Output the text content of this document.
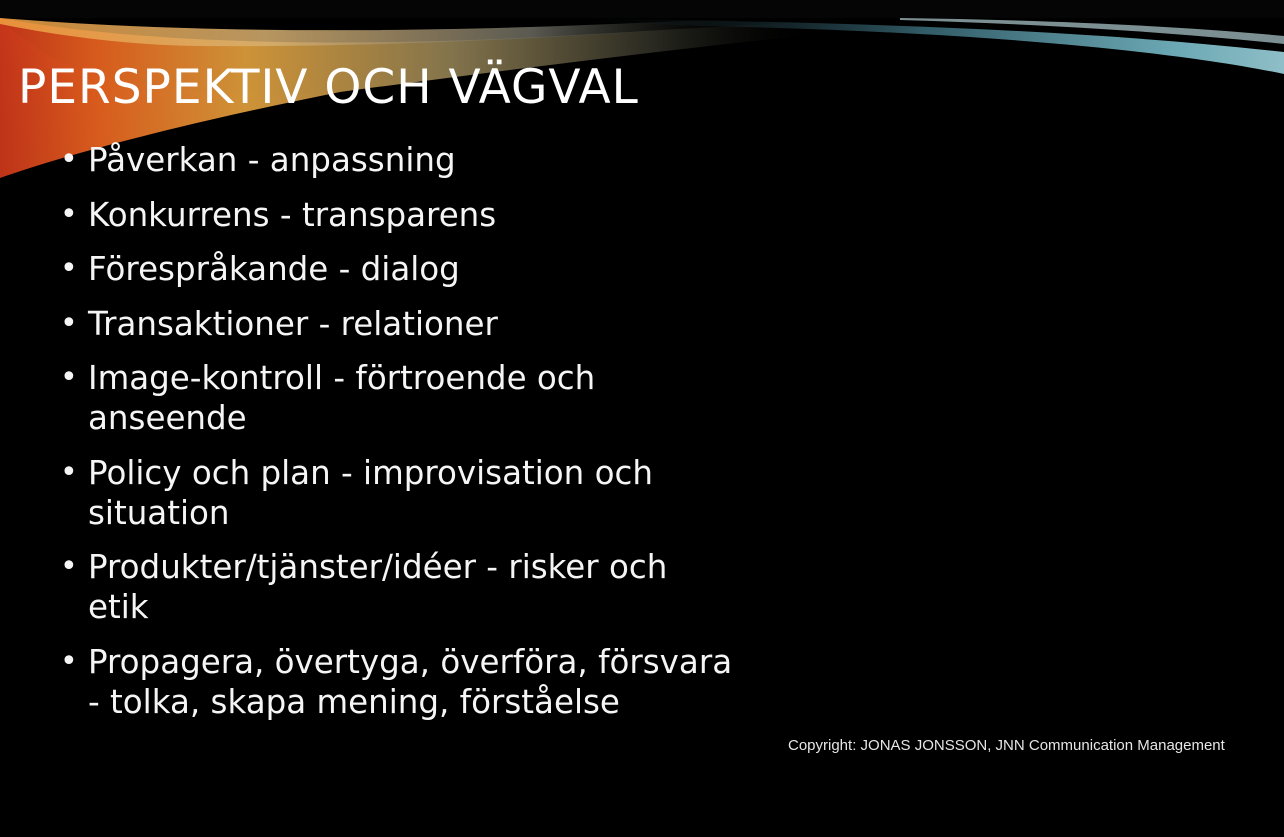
PERSPEKTIV OCH VÄGVAL
• Påverkan - anpassning
• Konkurrens - transparens
• Förespråkande - dialog
• Transaktioner - relationer
• Image-kontroll - förtroende och anseende
• Policy och plan - improvisation och situation
• Produkter/tjänster/idéer - risker och etik
• Propagera, övertyga, överföra, försvara - tolka, skapa mening, förståelse
Copyright: JONAS JONSSON, JNN Communication Management
